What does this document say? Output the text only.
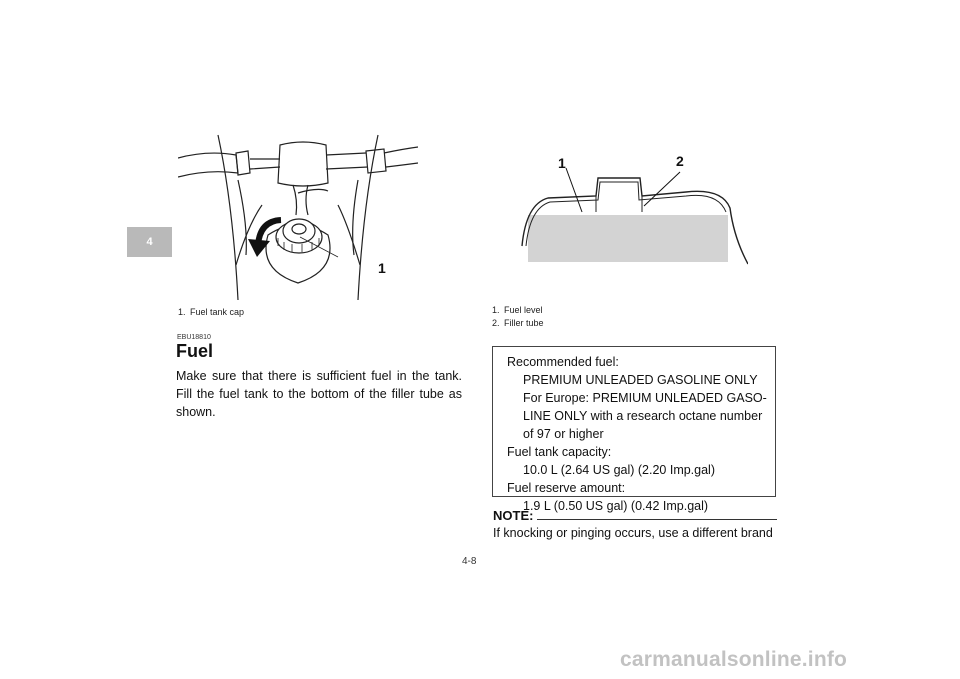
4
1
1. Fuel tank cap
1	2
1. Fuel level
2. Filler tube
EBU18810
Fuel
Make sure that there is sufficient fuel in the tank. Fill the fuel tank to the bottom of the filler tube as shown.
Recommended fuel:
PREMIUM UNLEADED GASOLINE ONLY
For Europe: PREMIUM UNLEADED GASO-
LINE ONLY with a research octane number
of 97 or higher
Fuel tank capacity:
10.0 L (2.64 US gal) (2.20 Imp.gal)
Fuel reserve amount:
1.9 L (0.50 US gal) (0.42 Imp.gal)
NOTE:
If knocking or pinging occurs, use a different brand
4-8
carmanualsonline.info
